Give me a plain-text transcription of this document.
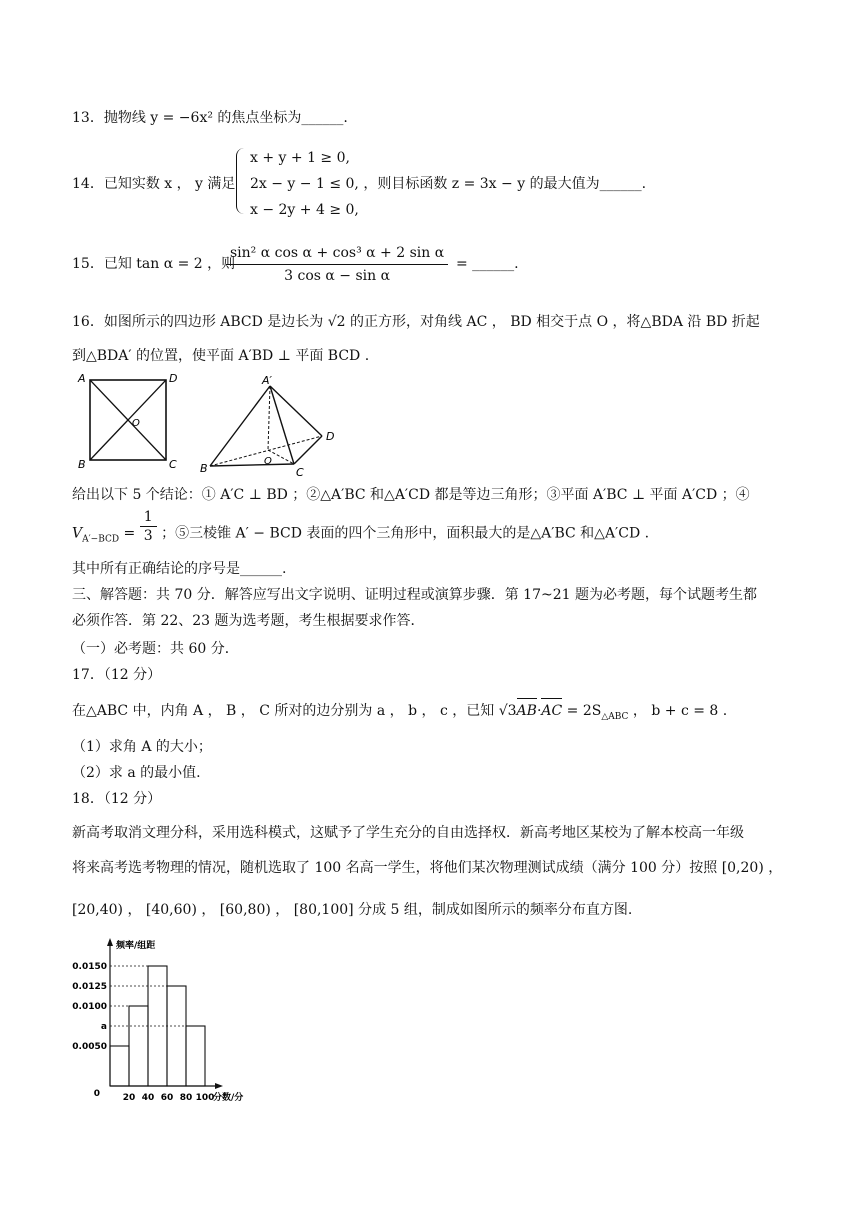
13．抛物线 y = −6x² 的焦点坐标为______.
14．已知实数 x ， y 满足
x + y + 1 ≥ 0,
2x − y − 1 ≤ 0, ，则目标函数 z = 3x − y 的最大值为______.
x − 2y + 4 ≥ 0,
15．已知 tan α = 2 ，则
$\frac{\text{sin² α cos α + cos³ α + 2 sin α}}{\text{3 cos α − sin α}}$ = ______.
16．如图所示的四边形 ABCD 是边长为 √2 的正方形，对角线 AC ， BD 相交于点 O ，将△BDA 沿 BD 折起
到△BDA′ 的位置，使平面 A′BD ⊥ 平面 BCD .
A	D
B	C
O
A′
B	C
D
O
给出以下 5 个结论：① A′C ⊥ BD ；②△A′BC 和△A′CD 都是等边三角形；③平面 A′BC ⊥ 平面 A′CD ；④
$V_{A'-BCD} = \frac{1}{3}$ ；⑤三棱锥 A′ − BCD 表面的四个三角形中，面积最大的是△A′BC 和△A′CD .
其中所有正确结论的序号是______.
三、解答题：共 70 分．解答应写出文字说明、证明过程或演算步骤．第 17~21 题为必考题，每个试题考生都
必须作答．第 22、23 题为选考题，考生根据要求作答．
（一）必考题：共 60 分．
17．（12 分）
在△ABC 中，内角 A ， B ， C 所对的边分别为 a ， b ， c ，已知 √3
AB·
AC = $2S_{\triangle ABC}$ ， b + c = 8 .
（1）求角 A 的大小；
（2）求 a 的最小值.
18．（12 分）
新高考取消文理分科，采用选科模式，这赋予了学生充分的自由选择权．新高考地区某校为了解本校高一年级
将来高考选考物理的情况，随机选取了 100 名高一学生，将他们某次物理测试成绩（满分 100 分）按照 [0,20) ，
[20,40) ， [40,60) ， [60,80) ， [80,100] 分成 5 组，制成如图所示的频率分布直方图.
0.0050
a
0.0100
0.0125
0.0150
20 40 60 80 100
0
频率/组距
分数/分
